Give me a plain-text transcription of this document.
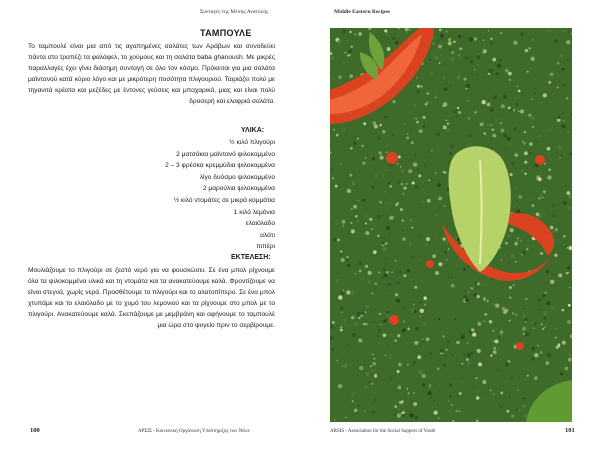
Συνταγές της Μέσης Ανατολής
ΤΑΜΠΟΥΛΕ

Το ταμπουλέ είναι μια από τις αγαπημένες σαλάτες των Αράβων και συνοδεύει πάντα στο τραπέζι τα φαλάφελ, το χούμους και τη σαλάτα baba ghanoush. Με μικρές παραλλαγές έχει γίνει διάσημη συνταγή σε όλο τον κόσμο. Πρόκειται για μια σαλάτα μαϊντανού κατά κύριο λόγο και με μικρότερη ποσότητα πλιγουριού. Ταιριάζει πολύ με τηγανιτά κρέατα και μεζέδες με έντονες γεύσεις και μπαχαρικά, μιας και είναι πολύ δροσερή και ελαφριά σαλάτα.

ΥΛΙΚΑ:
½ κιλό πλιγούρι
2 ματσάκια μαϊντανό ψιλοκομμένο
2 – 3 φρέσκα κρεμμύδια ψιλοκομμένα
λίγο δυόσμο ψιλοκομμένο
2 μαρούλια ψιλοκομμένα
½ κιλό ντομάτες σε μικρά κομμάτια
1 κιλό λεμόνια
ελαιόλαδο
αλάτι
πιπέρι
ΕΚΤΕΛΕΣΗ:

Μουλιάζουμε το πλιγούρι σε ζεστό νερό για να φουσκώσει. Σε ένα μπολ ρίχνουμε όλα τα ψιλοκομμένα υλικά και τη ντομάτα και τα ανακατεύουμε καλά. Φροντίζουμε να είναι στεγνά, χωρίς νερά. Προσθέτουμε το πλιγούρι και το αλατοπίπερο. Σε ένα μπολ χτυπάμε και το ελαιόλαδο με το χυμό του λεμονιού και τα ρίχνουμε στο μπολ με το πλιγούρι. Ανακατεύουμε καλά. Σκεπάζουμε με μεμβράνη και αφήνουμε το ταμπουλέ μια ώρα στο ψυγείο πριν το σερβίρουμε.

100	ΑΡΣΙΣ - Κοινωνική Οργάνωση Υποστήριξης των Νέων
Middle Eastern Recipes
ARSIS - Association for the Social Support of Youth	101
